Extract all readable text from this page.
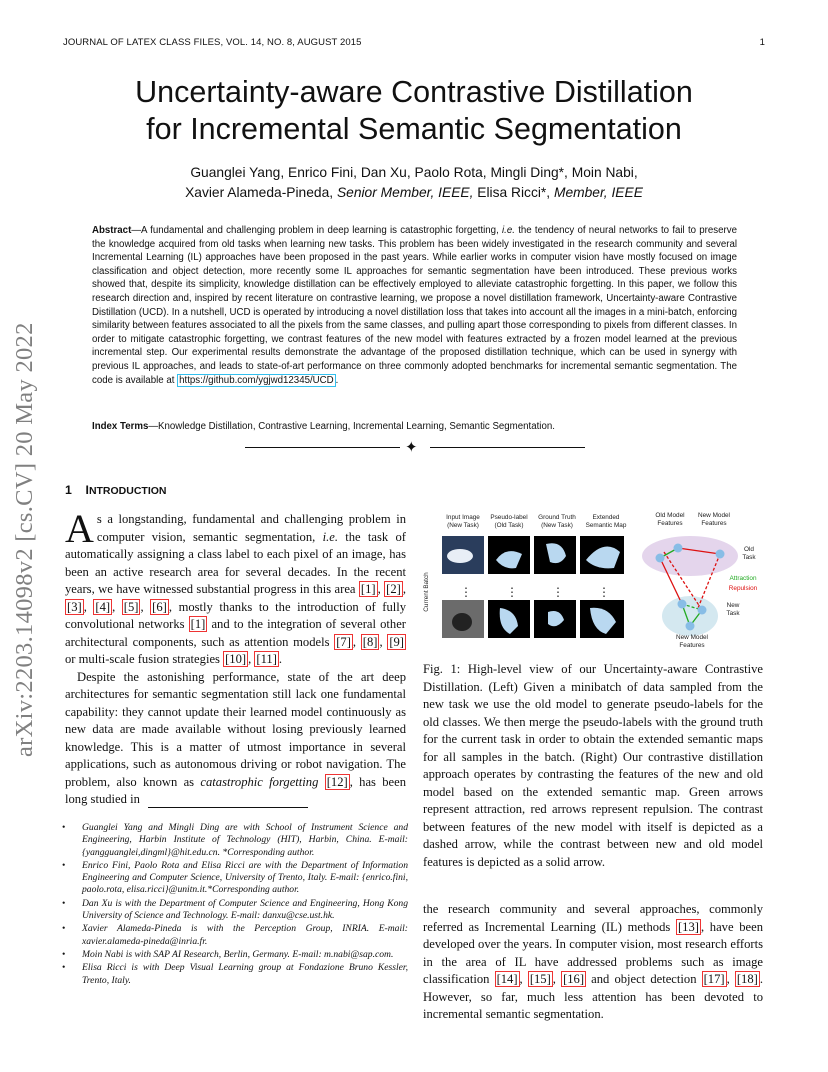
JOURNAL OF LATEX CLASS FILES, VOL. 14, NO. 8, AUGUST 2015	1
Uncertainty-aware Contrastive Distillation
for Incremental Semantic Segmentation
Guanglei Yang, Enrico Fini, Dan Xu, Paolo Rota, Mingli Ding*, Moin Nabi,
Xavier Alameda-Pineda, Senior Member, IEEE, Elisa Ricci*, Member, IEEE
Abstract—A fundamental and challenging problem in deep learning is catastrophic forgetting, i.e. the tendency of neural networks to fail to preserve the knowledge acquired from old tasks when learning new tasks. This problem has been widely investigated in the research community and several Incremental Learning (IL) approaches have been proposed in the past years. While earlier works in computer vision have mostly focused on image classification and object detection, more recently some IL approaches for semantic segmentation have been introduced. These previous works showed that, despite its simplicity, knowledge distillation can be effectively employed to alleviate catastrophic forgetting. In this paper, we follow this research direction and, inspired by recent literature on contrastive learning, we propose a novel distillation framework, Uncertainty-aware Contrastive Distillation (UCD). In a nutshell, UCD is operated by introducing a novel distillation loss that takes into account all the images in a mini-batch, enforcing similarity between features associated to all the pixels from the same classes, and pulling apart those corresponding to pixels from different classes. In order to mitigate catastrophic forgetting, we contrast features of the new model with features extracted by a frozen model learned at the previous incremental step. Our experimental results demonstrate the advantage of the proposed distillation technique, which can be used in synergy with previous IL approaches, and leads to state-of-art performance on three commonly adopted benchmarks for incremental semantic segmentation. The code is available at https://github.com/ygjwd12345/UCD .
Index Terms—Knowledge Distillation, Contrastive Learning, Incremental Learning, Semantic Segmentation.
✦
arXiv:2203.14098v2 [cs.CV] 20 May 2022 1 INTRODUCTION

A s a longstanding, fundamental and challenging problem in computer vision, semantic segmentation, i.e. the task of automatically assigning a class label to each pixel of an image, has been an active research area for several decades. In the recent years, we have witnessed substantial progress in this area [1] , [2] , [3] , [4] , [5] , [6] , mostly thanks to the introduction of fully convolutional networks [1] and to the integration of several other architectural components, such as attention models [7] , [8] , [9] or multi-scale fusion strategies [10] , [11] .

Despite the astonishing performance, state of the art deep architectures for semantic segmentation still lack one fundamental capability: they cannot update their learned model continuously as new data are made available without losing previously learned knowledge. This is a matter of utmost importance in several applications, such as autonomous driving or robot navigation. The problem, also known as catastrophic forgetting [12] , has been long studied in

• Guanglei Yang and Mingli Ding are with School of Instrument Science and Engineering, Harbin Institute of Technology (HIT), Harbin, China. E-mail: {yangguanglei,dingml}@hit.edu.cn. *Corresponding author.
• Enrico Fini, Paolo Rota and Elisa Ricci are with the Department of Information Engineering and Computer Science, University of Trento, Italy. E-mail: {enrico.fini, paolo.rota, elisa.ricci}@unitn.it.*Corresponding author.
• Dan Xu is with the Department of Computer Science and Engineering, Hong Kong University of Science and Technology. E-mail: danxu@cse.ust.hk.
• Xavier Alameda-Pineda is with the Perception Group, INRIA. E-mail: xavier.alameda-pineda@inria.fr.
• Moin Nabi is with SAP AI Research, Berlin, Germany. E-mail: m.nabi@sap.com.
• Elisa Ricci is with Deep Visual Learning group at Fondazione Bruno Kessler, Trento, Italy.
Input Image
(New Task)
Pseudo-label
(Old Task)
Ground Truth
(New Task)
Extended
Semantic Map
Current Batch	⋮	⋮	⋮	⋮
Old Model
Features
New Model
Features
Old
Task
Attraction
Repulsion
New
Task
New Model
Features
Fig. 1: High-level view of our Uncertainty-aware Contrastive Distillation. (Left) Given a minibatch of data sampled from the new task we use the old model to generate pseudo-labels for the old classes. We then merge the pseudo-labels with the ground truth for the current task in order to obtain the extended semantic maps for all samples in the batch. (Right) Our contrastive distillation approach operates by contrasting the features of the new and old model based on the extended semantic map. Green arrows represent attraction, red arrows represent repulsion. The contrast between features of the new model with itself is depicted as a dashed arrow, while the contrast between new and old model features is depicted as a solid arrow.

the research community and several approaches, commonly referred as Incremental Learning (IL) methods [13] , have been developed over the years. In computer vision, most research efforts in the area of IL have addressed problems such as image classification [14] , [15] , [16] and object detection [17] , [18] . However, so far, much less attention has been devoted to incremental semantic segmentation.
